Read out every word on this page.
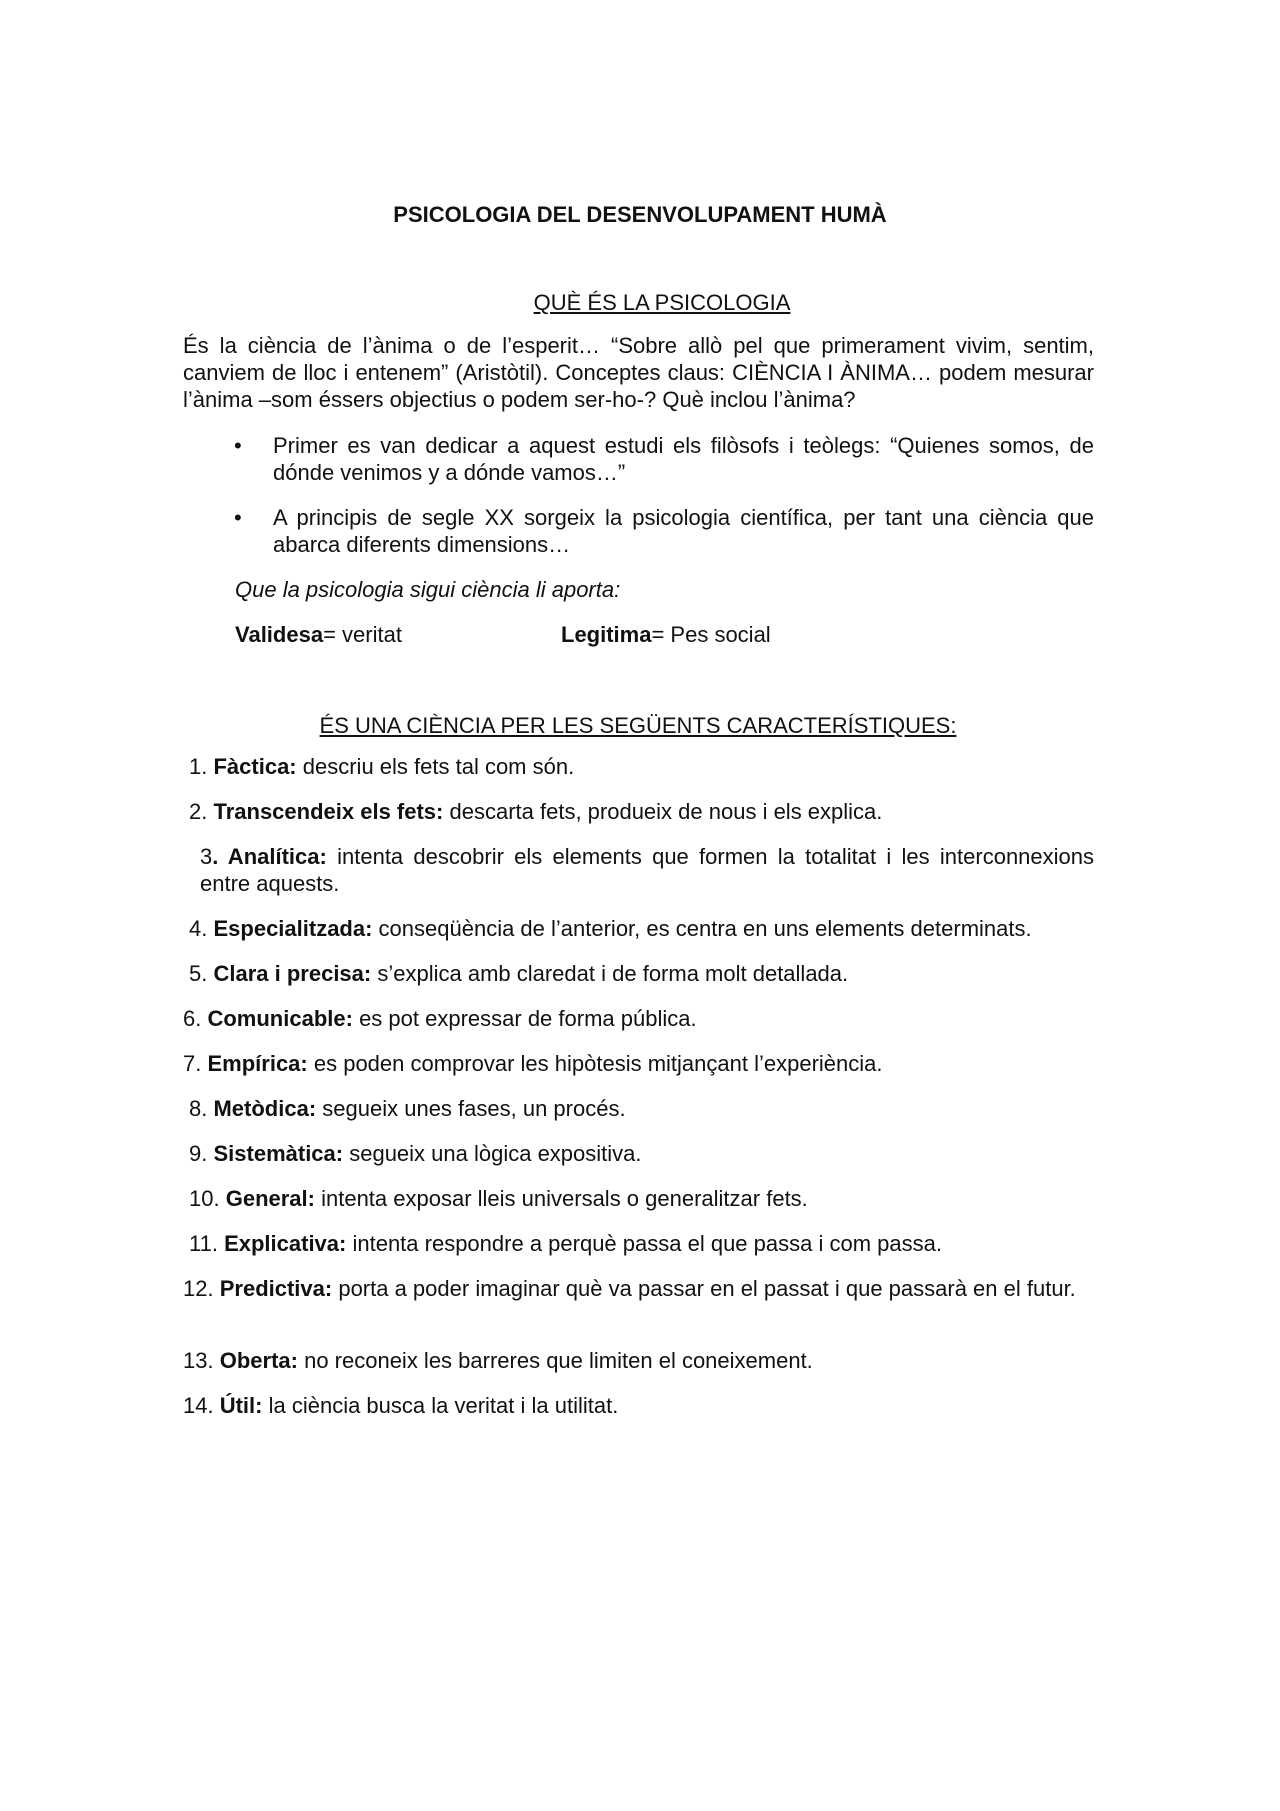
PSICOLOGIA DEL DESENVOLUPAMENT HUMÀ
QUÈ ÉS LA PSICOLOGIA
És la ciència de l’ànima o de l’esperit… “Sobre allò pel que primerament vivim, sentim, canviem de lloc i entenem” (Aristòtil). Conceptes claus: CIÈNCIA I ÀNIMA… podem mesurar l’ànima –som éssers objectius o podem ser-ho-? Què inclou l’ànima?
• Primer es van dedicar a aquest estudi els filòsofs i teòlegs: “Quienes somos, de dónde venimos y a dónde vamos…”
• A principis de segle XX sorgeix la psicologia científica, per tant una ciència que abarca diferents dimensions…
Que la psicologia sigui ciència li aporta:
Validesa= veritat	Legitima= Pes social
ÉS UNA CIÈNCIA PER LES SEGÜENTS CARACTERÍSTIQUES:
1. Fàctica: descriu els fets tal com són.
2. Transcendeix els fets: descarta fets, produeix de nous i els explica.
3. Analítica: intenta descobrir els elements que formen la totalitat i les interconnexions entre aquests.
4. Especialitzada: conseqüència de l’anterior, es centra en uns elements determinats.
5. Clara i precisa: s’explica amb claredat i de forma molt detallada.
6. Comunicable: es pot expressar de forma pública.
7. Empírica: es poden comprovar les hipòtesis mitjançant l’experiència.
8. Metòdica: segueix unes fases, un procés.
9. Sistemàtica: segueix una lògica expositiva.
10. General: intenta exposar lleis universals o generalitzar fets.
11. Explicativa: intenta respondre a perquè passa el que passa i com passa.
12. Predictiva: porta a poder imaginar què va passar en el passat i que passarà en el futur.
13. Oberta: no reconeix les barreres que limiten el coneixement.
14. Útil: la ciència busca la veritat i la utilitat.
